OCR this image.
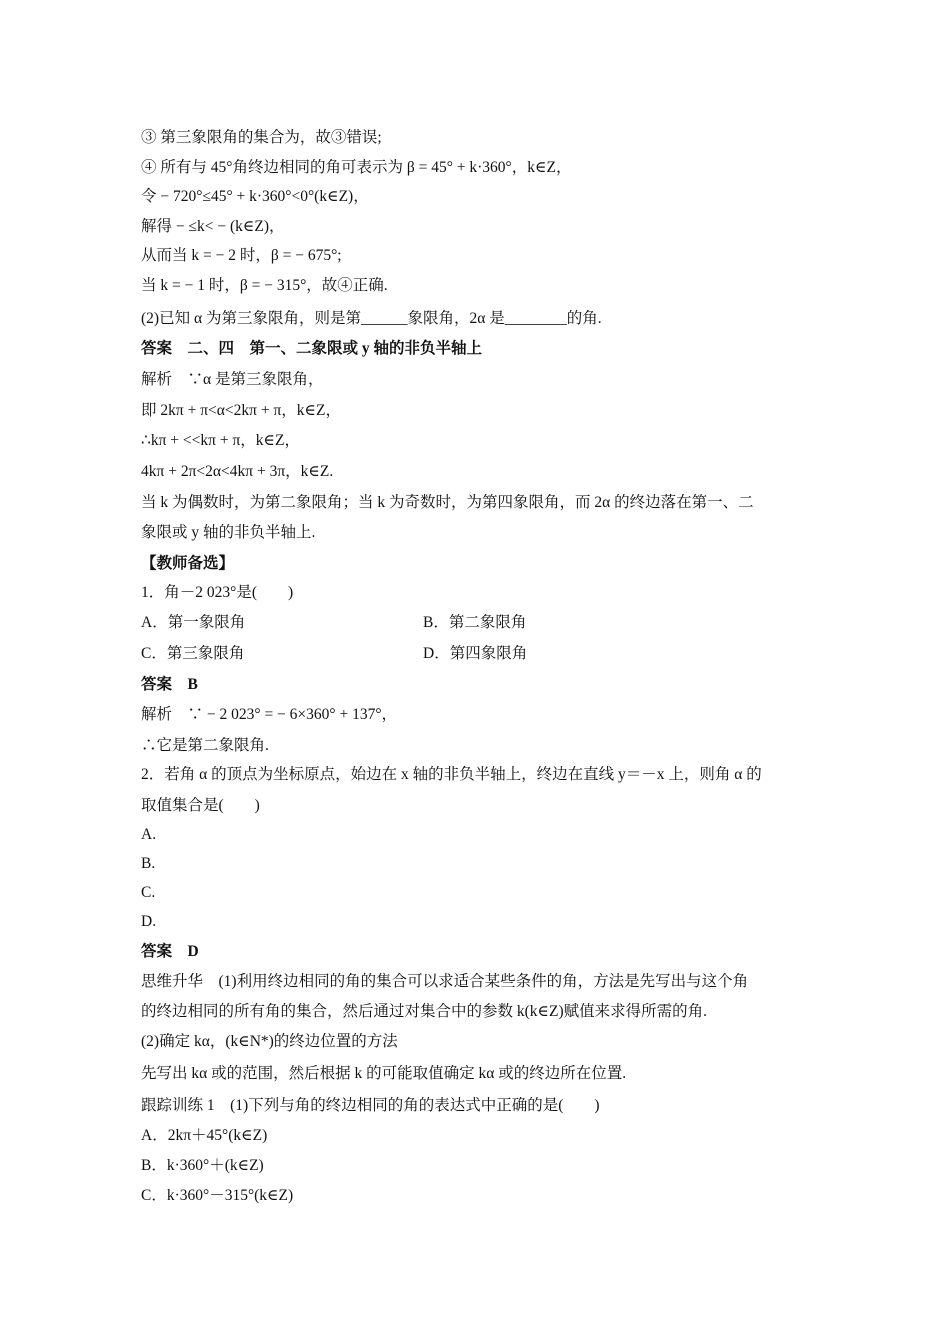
③ 第三象限角的集合为，故③错误;
④ 所有与 45°角终边相同的角可表示为 β = 45° + k·360°，k∈Z，
令 − 720°≤45° + k·360°<0°(k∈Z)，
解得 − ≤k< − (k∈Z)，
从而当 k = − 2 时，β = − 675°;
当 k = − 1 时，β = − 315°，故④正确.
(2)已知 α 为第三象限角，则是第______象限角，2α 是________的角.
答案　二、四　第一、二象限或 y 轴的非负半轴上
解析　∵α 是第三象限角，
即 2kπ + π<α<2kπ + π，k∈Z，
∴kπ + <<kπ + π，k∈Z，
4kπ + 2π<2α<4kπ + 3π，k∈Z.
当 k 为偶数时，为第二象限角；当 k 为奇数时，为第四象限角，而 2α 的终边落在第一、二
象限或 y 轴的非负半轴上.
【教师备选】
1．角－2 023°是(　　)
A．第一象限角	B．第二象限角
C．第三象限角	D．第四象限角
答案　B
解析　∵ − 2 023° = − 6×360° + 137°，
∴它是第二象限角.
2．若角 α 的顶点为坐标原点，始边在 x 轴的非负半轴上，终边在直线 y＝－x 上，则角 α 的
取值集合是(　　)
A.
B.
C.
D.
答案　D
思维升华　(1)利用终边相同的角的集合可以求适合某些条件的角，方法是先写出与这个角
的终边相同的所有角的集合，然后通过对集合中的参数 k(k∈Z)赋值来求得所需的角.
(2)确定 kα，(k∈N*)的终边位置的方法
先写出 kα 或的范围，然后根据 k 的可能取值确定 kα 或的终边所在位置.
跟踪训练 1　(1)下列与角的终边相同的角的表达式中正确的是(　　)
A．2kπ＋45°(k∈Z)
B．k·360°＋(k∈Z)
C．k·360°－315°(k∈Z)
